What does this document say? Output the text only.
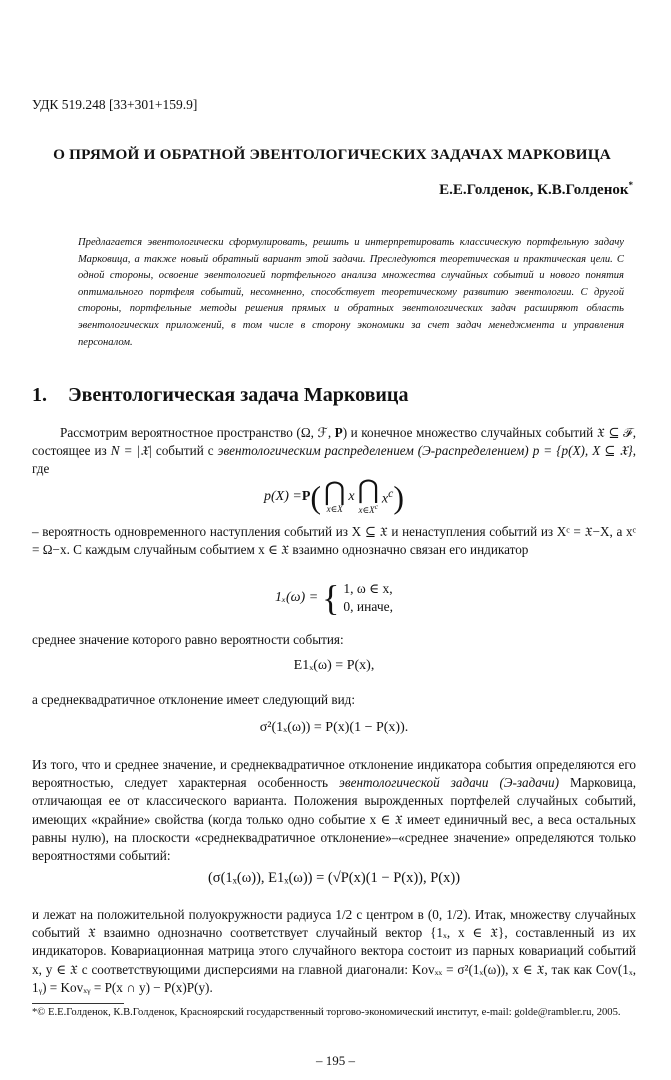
УДК 519.248 [33+301+159.9]
О ПРЯМОЙ И ОБРАТНОЙ ЭВЕНТОЛОГИЧЕСКИХ ЗАДАЧАХ МАРКОВИЦА
Е.Е.Голденок, К.В.Голденок*
Предлагается эвентологически сформулировать, решить и интерпретировать классическую портфельную задачу Марковица, а также новый обратный вариант этой задачи. Преследуются теоретическая и практическая цели. С одной стороны, освоение эвентологией портфельного анализа множества случайных событий и нового понятия оптимального портфеля событий, несомненно, способствует теоретическому развитию эвентологии. С другой стороны, портфельные методы решения прямых и обратных эвентологических задач расширяют область эвентологических приложений, в том числе в сторону экономики за счет задач менеджмента и управления персоналом.
1. Эвентологическая задача Марковица
Рассмотрим вероятностное пространство (Ω, ℱ, P) и конечное множество случайных событий 𝔛 ⊆ ℱ, состоящее из N = |𝔛| событий с эвентологическим распределением (Э-распределением) p = {p(X), X ⊆ 𝔛}, где
p(X) = P ( ⋂
x∈X
x ⋂
$x\in X^c$
$x^c$ )
– вероятность одновременного наступления событий из X ⊆ 𝔛 и ненаступления событий из Xᶜ = 𝔛−X, а xᶜ = Ω−x. С каждым случайным событием x ∈ 𝔛 взаимно однозначно связан его индикатор
1ₓ(ω) = { 1, ω ∈ x,
0, иначе,
среднее значение которого равно вероятности события:
E1ₓ(ω) = P(x),
а среднеквадратичное отклонение имеет следующий вид:
σ²(1ₓ(ω)) = P(x)(1 − P(x)).
Из того, что и среднее значение, и среднеквадратичное отклонение индикатора события определяются его вероятностью, следует характерная особенность эвентологической задачи (Э-задачи) Марковица, отличающая ее от классического варианта. Положения вырожденных портфелей случайных событий, имеющих «крайние» свойства (когда только одно событие x ∈ 𝔛 имеет единичный вес, а веса остальных равны нулю), на плоскости «среднеквадратичное отклонение»–«среднее значение» определяются только вероятностями событий:
(σ(1ₓ(ω)), E1ₓ(ω)) = (√P(x)(1 − P(x)), P(x))
и лежат на положительной полуокружности радиуса 1/2 с центром в (0, 1/2). Итак, множеству случайных событий 𝔛 взаимно однозначно соответствует случайный вектор {1ₓ, x ∈ 𝔛}, составленный из их индикаторов. Ковариационная матрица этого случайного вектора состоит из парных ковариаций событий x, y ∈ 𝔛 с соответствующими дисперсиями на главной диагонали: Kovₓₓ = σ²(1ₓ(ω)), x ∈ 𝔛, так как Cov(1ₓ, 1ᵧ) = Kovₓᵧ = P(x ∩ y) − P(x)P(y).
*© Е.Е.Голденок, К.В.Голденок, Красноярский государственный торгово-экономический институт, e-mail: golde@rambler.ru, 2005.
– 195 –
